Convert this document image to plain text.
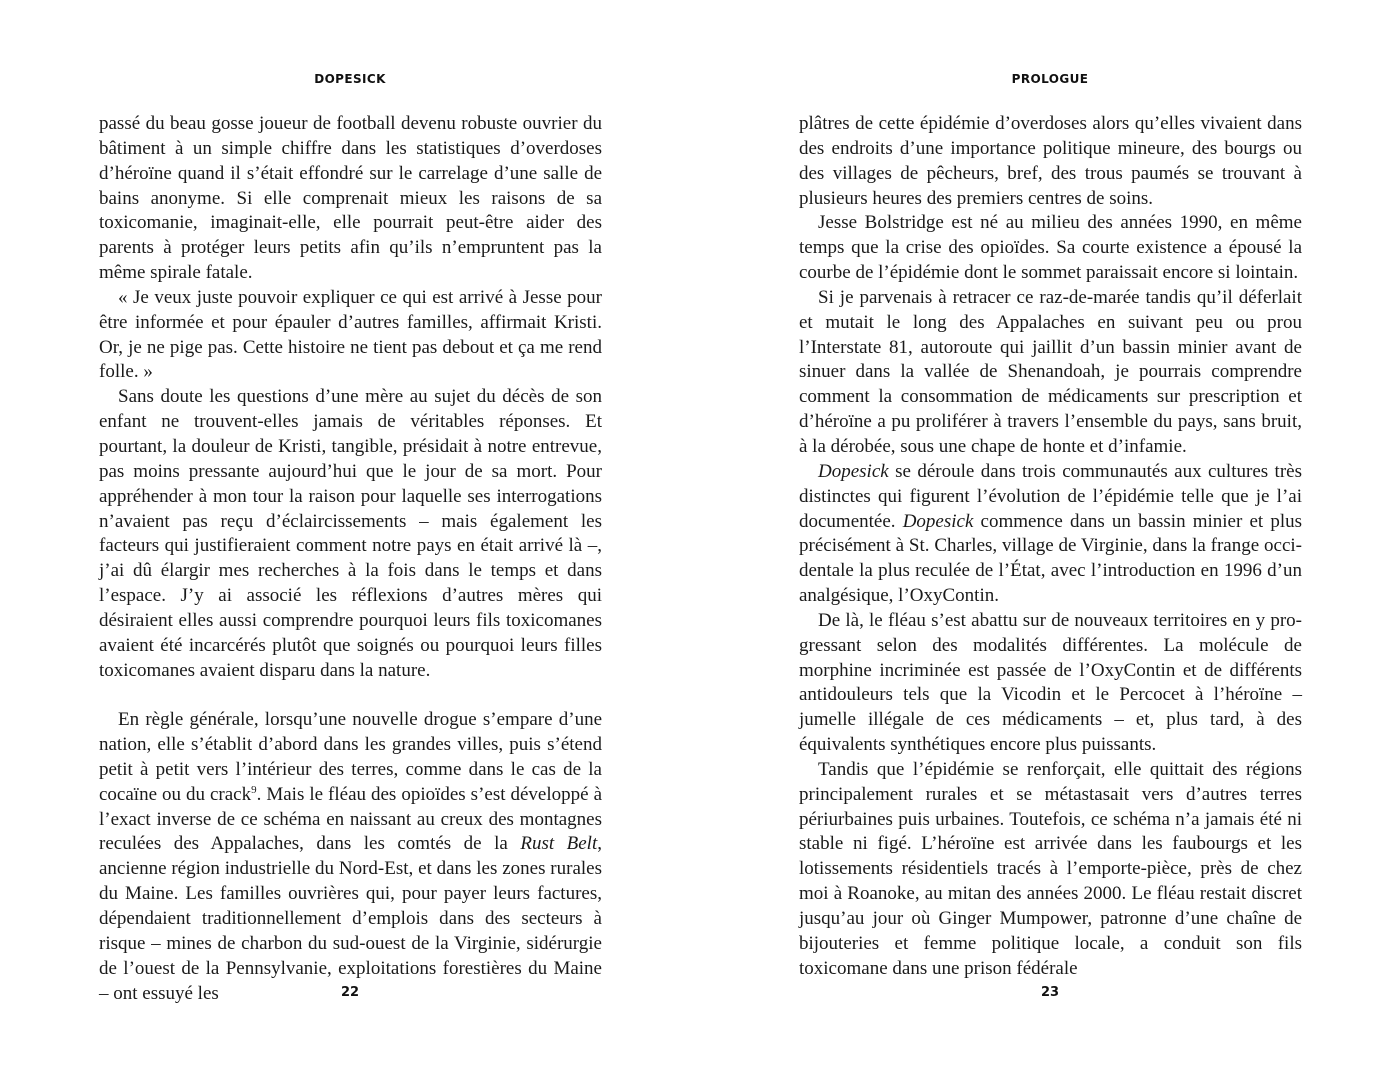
DOPESICK

passé du beau gosse joueur de football devenu robuste ouvrier du bâtiment à un simple chiffre dans les statistiques d’overdoses d’héroïne quand il s’était effondré sur le carrelage d’une salle de bains anonyme. Si elle comprenait mieux les raisons de sa toxicomanie, imaginait-elle, elle pourrait peut-être aider des parents à protéger leurs petits afin qu’ils n’empruntent pas la même spirale fatale.

« Je veux juste pouvoir expliquer ce qui est arrivé à Jesse pour être informée et pour épauler d’autres familles, affirmait Kristi. Or, je ne pige pas. Cette histoire ne tient pas debout et ça me rend folle. »

Sans doute les questions d’une mère au sujet du décès de son enfant ne trouvent-elles jamais de véritables réponses. Et pourtant, la douleur de Kristi, tangible, présidait à notre entrevue, pas moins pressante aujourd’hui que le jour de sa mort. Pour appréhender à mon tour la raison pour laquelle ses interrogations n’avaient pas reçu d’éclaircissements – mais également les facteurs qui justifieraient comment notre pays en était arrivé là –, j’ai dû élargir mes recherches à la fois dans le temps et dans l’espace. J’y ai associé les réflexions d’autres mères qui désiraient elles aussi comprendre pourquoi leurs fils toxicomanes avaient été incarcérés plutôt que soignés ou pourquoi leurs filles toxicomanes avaient disparu dans la nature.

En règle générale, lorsqu’une nouvelle drogue s’empare d’une nation, elle s’établit d’abord dans les grandes villes, puis s’étend petit à petit vers l’intérieur des terres, comme dans le cas de la cocaïne ou du crack$^9$. Mais le fléau des opioïdes s’est développé à l’exact inverse de ce schéma en naissant au creux des montagnes reculées des Appalaches, dans les comtés de la Rust Belt, ancienne région industrielle du Nord-Est, et dans les zones rurales du Maine. Les familles ouvrières qui, pour payer leurs factures, dépendaient traditionnellement d’emplois dans des secteurs à risque – mines de charbon du sud-ouest de la Virginie, sidérurgie de l’ouest de la Pennsylvanie, exploitations forestières du Maine – ont essuyé les	22
PROLOGUE

plâtres de cette épidémie d’overdoses alors qu’elles vivaient dans des endroits d’une importance politique mineure, des bourgs ou des villages de pêcheurs, bref, des trous paumés se trouvant à plusieurs heures des premiers centres de soins.

Jesse Bolstridge est né au milieu des années 1990, en même temps que la crise des opioïdes. Sa courte existence a épousé la courbe de l’épidémie dont le sommet paraissait encore si lointain.

Si je parvenais à retracer ce raz-de-marée tandis qu’il déferlait et mutait le long des Appalaches en suivant peu ou prou l’Interstate 81, autoroute qui jaillit d’un bassin minier avant de sinuer dans la vallée de Shenandoah, je pourrais comprendre comment la consommation de médicaments sur prescription et d’héroïne a pu proliférer à travers l’ensemble du pays, sans bruit, à la dérobée, sous une chape de honte et d’infamie.

Dopesick se déroule dans trois communautés aux cultures très distinctes qui figurent l’évolution de l’épidémie telle que je l’ai documentée. Dopesick commence dans un bassin minier et plus précisément à St. Charles, village de Virginie, dans la frange occidentale la plus reculée de l’État, avec l’introduction en 1996 d’un analgésique, l’OxyContin.

De là, le fléau s’est abattu sur de nouveaux territoires en y progressant selon des modalités différentes. La molécule de morphine incriminée est passée de l’OxyContin et de différents antidouleurs tels que la Vicodin et le Percocet à l’héroïne – jumelle illégale de ces médicaments – et, plus tard, à des équivalents synthétiques encore plus puissants.

Tandis que l’épidémie se renforçait, elle quittait des régions principalement rurales et se métastasait vers d’autres terres périurbaines puis urbaines. Toutefois, ce schéma n’a jamais été ni stable ni figé. L’héroïne est arrivée dans les faubourgs et les lotissements résidentiels tracés à l’emporte-pièce, près de chez moi à Roanoke, au mitan des années 2000. Le fléau restait discret jusqu’au jour où Ginger Mumpower, patronne d’une chaîne de bijouteries et femme politique locale, a conduit son fils toxicomane dans une prison fédérale

23
